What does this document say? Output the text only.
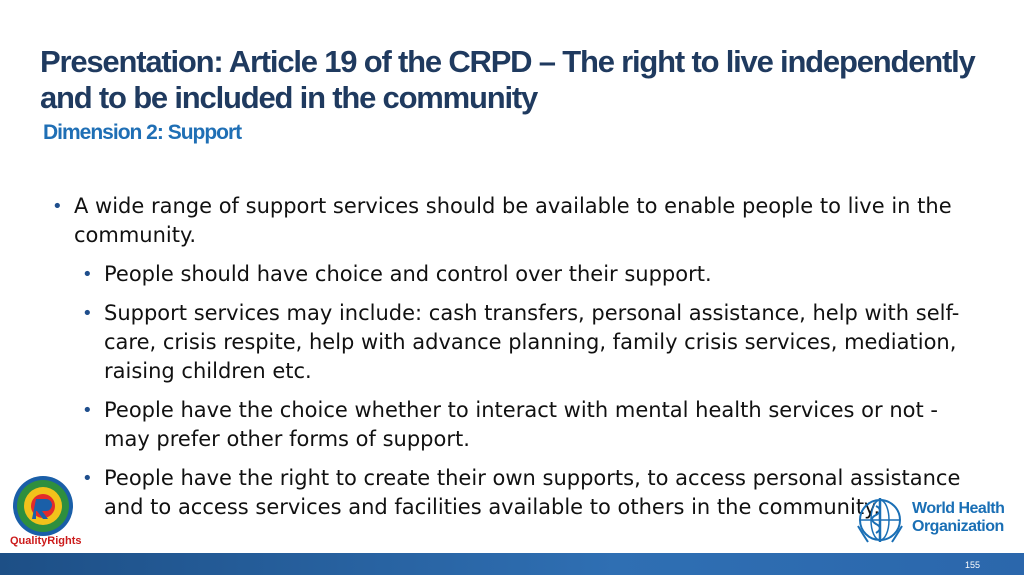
Presentation: Article 19 of the CRPD – The right to live independently and to be included in the community
Dimension 2: Support
• A wide range of support services should be available to enable people to live in the community.
• People should have choice and control over their support.
• Support services may include: cash transfers, personal assistance, help with self-care, crisis respite, help with advance planning, family crisis services, mediation, raising children etc.
• People have the choice whether to interact with mental health services or not - may prefer other forms of support.
• People have the right to create their own supports, to access personal assistance and to access services and facilities available to others in the community.
QualityRights
World Health
Organization
155
